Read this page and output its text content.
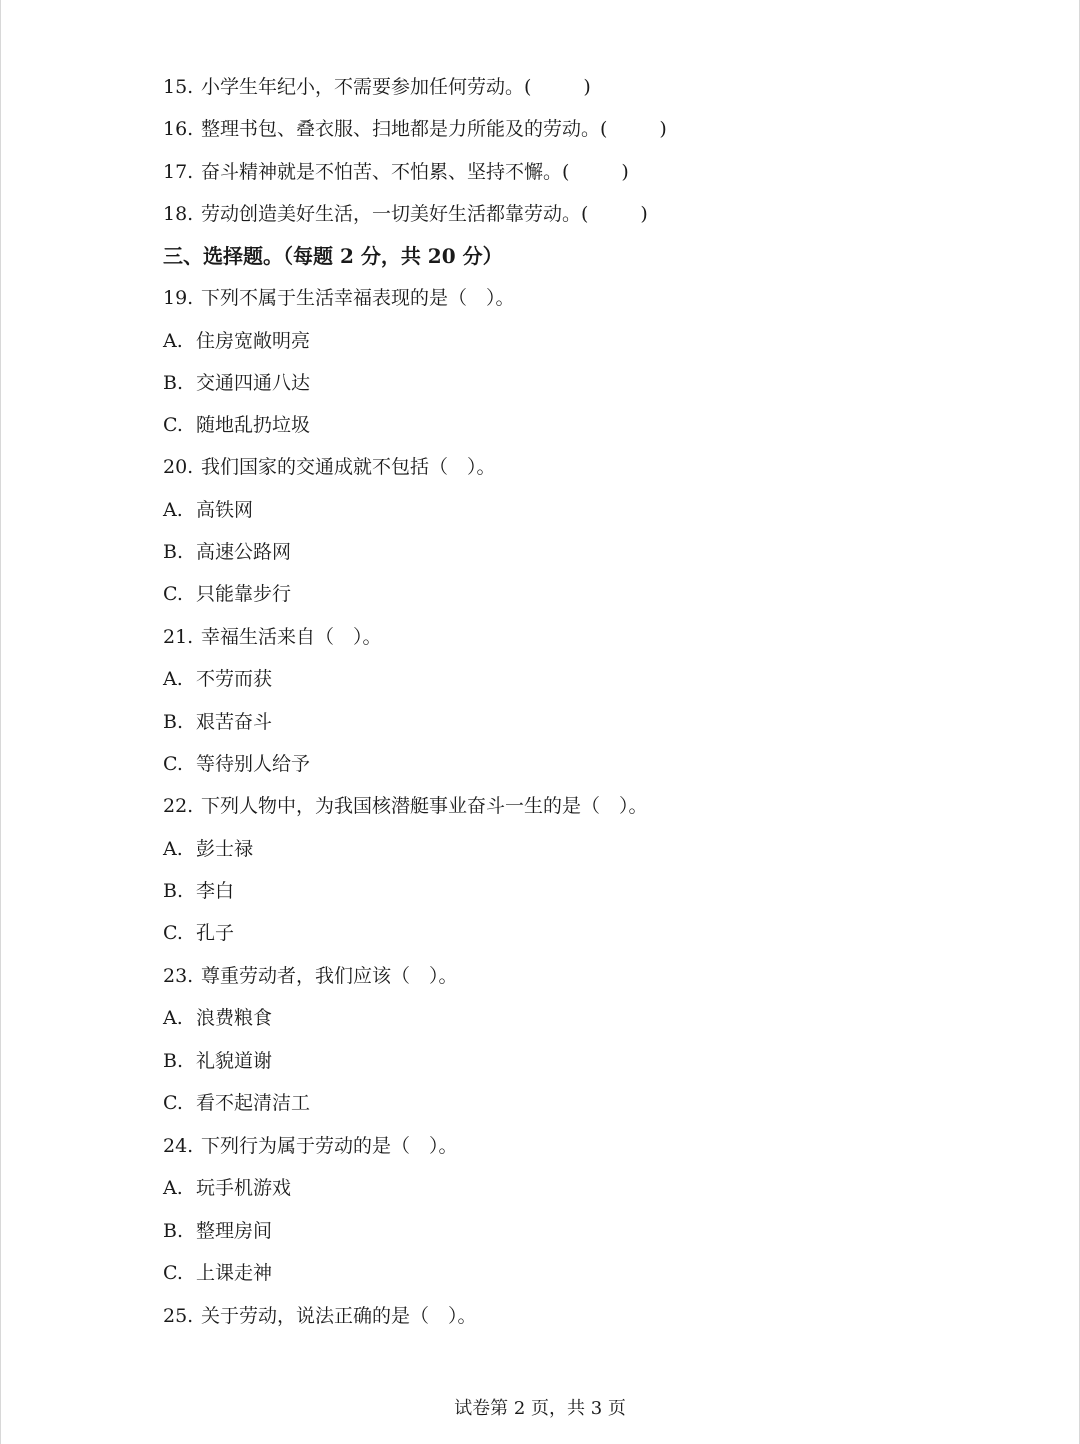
15. 小学生年纪小，不需要参加任何劳动。(	)
16. 整理书包、叠衣服、扫地都是力所能及的劳动。(	)
17. 奋斗精神就是不怕苦、不怕累、坚持不懈。(	)
18. 劳动创造美好生活，一切美好生活都靠劳动。(	)
三、选择题。（每题 2 分，共 20 分）
19. 下列不属于生活幸福表现的是（　）。
A. 住房宽敞明亮
B. 交通四通八达
C. 随地乱扔垃圾
20. 我们国家的交通成就不包括（　）。
A. 高铁网
B. 高速公路网
C. 只能靠步行
21. 幸福生活来自（　）。
A. 不劳而获
B. 艰苦奋斗
C. 等待别人给予
22. 下列人物中，为我国核潜艇事业奋斗一生的是（　）。
A. 彭士禄
B. 李白
C. 孔子
23. 尊重劳动者，我们应该（　）。
A. 浪费粮食
B. 礼貌道谢
C. 看不起清洁工
24. 下列行为属于劳动的是（　）。
A. 玩手机游戏
B. 整理房间
C. 上课走神
25. 关于劳动，说法正确的是（　）。
试卷第 2 页，共 3 页
